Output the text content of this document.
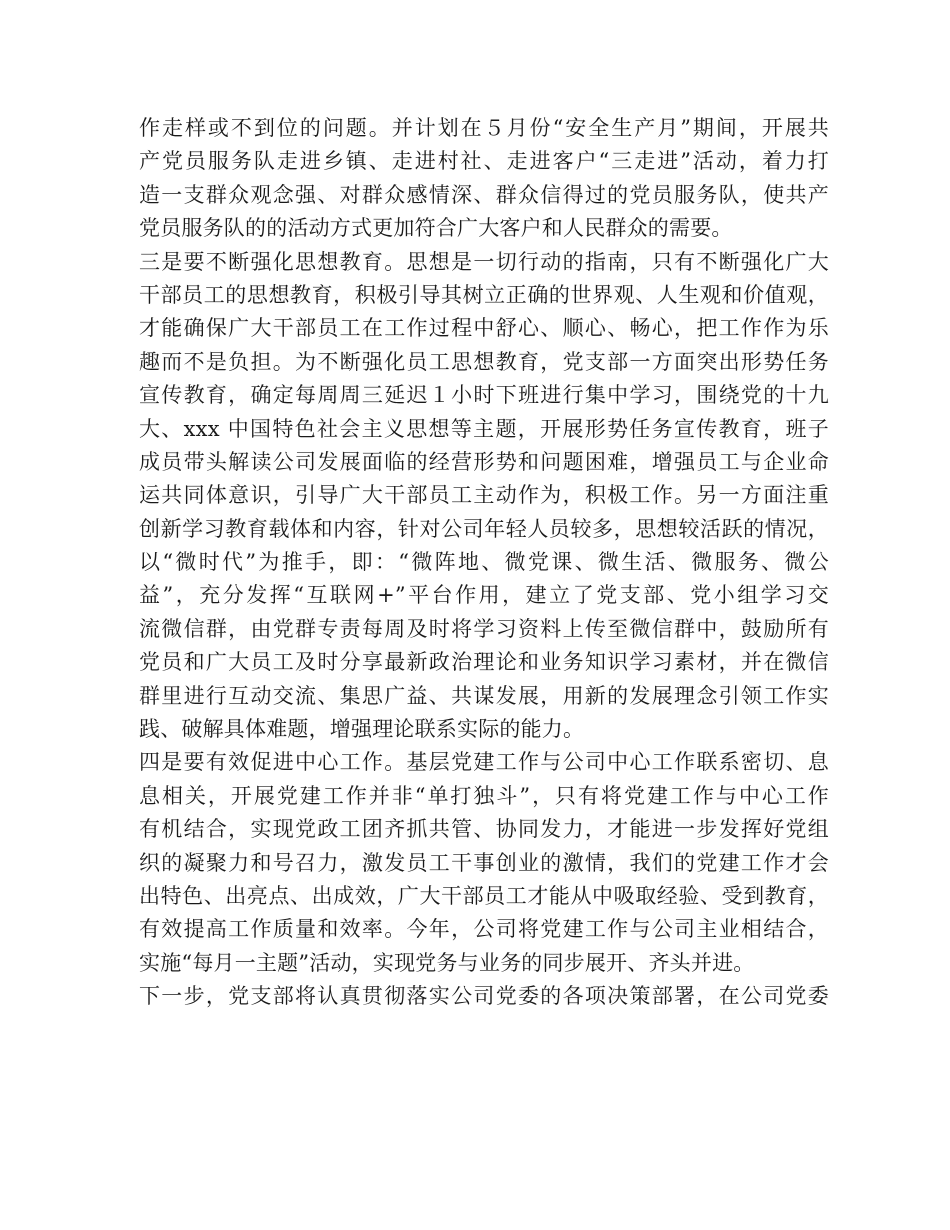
作走样或不到位的问题。并计划在５月份“安全生产月”期间，开展共
产党员服务队走进乡镇、走进村社、走进客户“三走进”活动，着力打
造一支群众观念强、对群众感情深、群众信得过的党员服务队，使共产
党员服务队的的活动方式更加符合广大客户和人民群众的需要。
三是要不断强化思想教育。思想是一切行动的指南，只有不断强化广大
干部员工的思想教育，积极引导其树立正确的世界观、人生观和价值观，
才能确保广大干部员工在工作过程中舒心、顺心、畅心，把工作作为乐
趣而不是负担。为不断强化员工思想教育，党支部一方面突出形势任务
宣传教育，确定每周周三延迟１小时下班进行集中学习，围绕党的十九
大、xxx 中国特色社会主义思想等主题，开展形势任务宣传教育，班子
成员带头解读公司发展面临的经营形势和问题困难，增强员工与企业命
运共同体意识，引导广大干部员工主动作为，积极工作。另一方面注重
创新学习教育载体和内容，针对公司年轻人员较多，思想较活跃的情况，
以“微时代”为推手，即：“微阵地、微党课、微生活、微服务、微公
益”，充分发挥“互联网+”平台作用，建立了党支部、党小组学习交
流微信群，由党群专责每周及时将学习资料上传至微信群中，鼓励所有
党员和广大员工及时分享最新政治理论和业务知识学习素材，并在微信
群里进行互动交流、集思广益、共谋发展，用新的发展理念引领工作实
践、破解具体难题，增强理论联系实际的能力。
四是要有效促进中心工作。基层党建工作与公司中心工作联系密切、息
息相关，开展党建工作并非“单打独斗”，只有将党建工作与中心工作
有机结合，实现党政工团齐抓共管、协同发力，才能进一步发挥好党组
织的凝聚力和号召力，激发员工干事创业的激情，我们的党建工作才会
出特色、出亮点、出成效，广大干部员工才能从中吸取经验、受到教育，
有效提高工作质量和效率。今年，公司将党建工作与公司主业相结合，
实施“每月一主题”活动，实现党务与业务的同步展开、齐头并进。
下一步，党支部将认真贯彻落实公司党委的各项决策部署，在公司党委
